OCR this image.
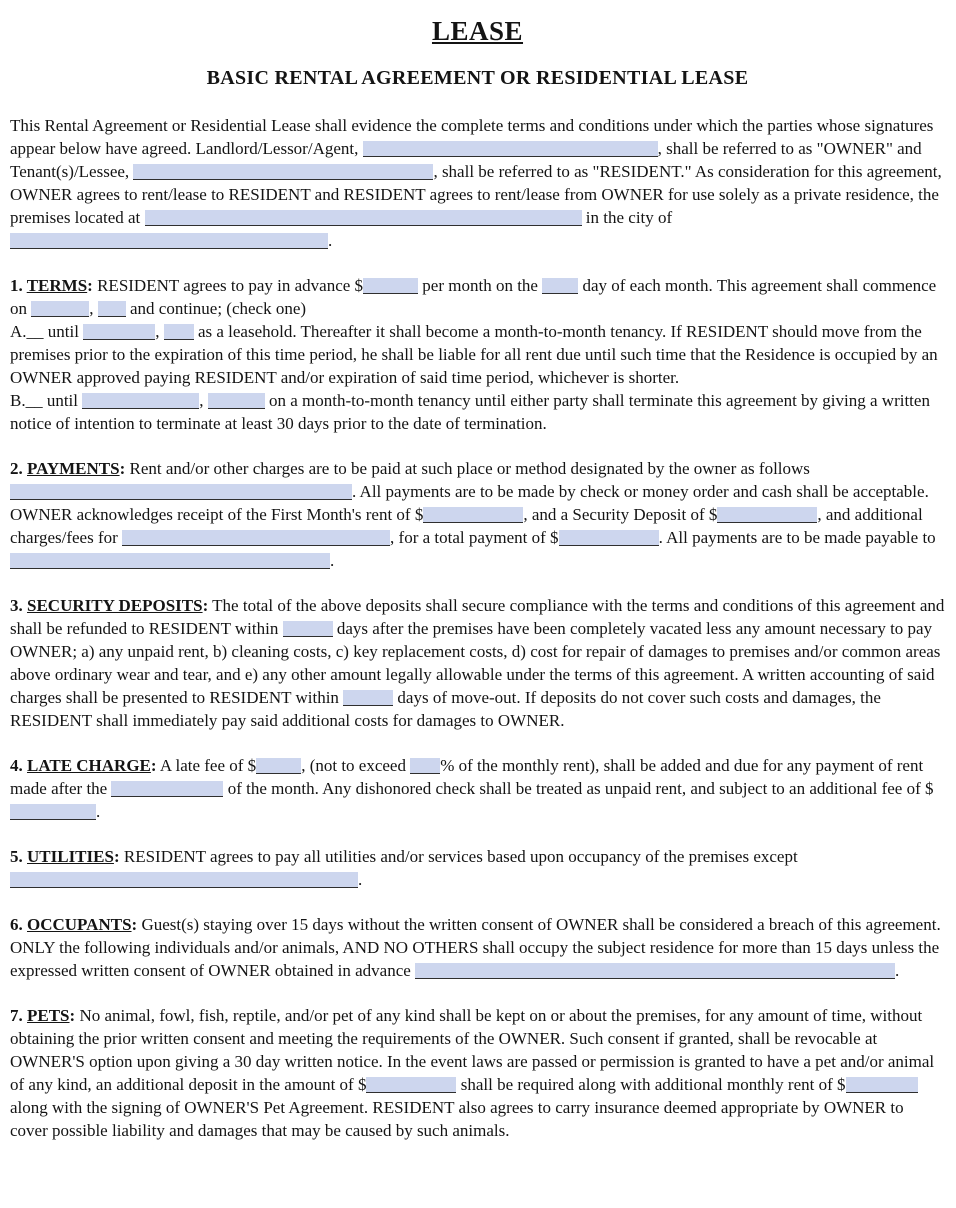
LEASE
BASIC RENTAL AGREEMENT OR RESIDENTIAL LEASE

This Rental Agreement or Residential Lease shall evidence the complete terms and conditions under which the parties whose signatures appear below have agreed. Landlord/Lessor/Agent,	, shall be referred to as "OWNER" and Tenant(s)/Lessee,	, shall be referred to as "RESIDENT." As consideration for this agreement, OWNER agrees to rent/lease to RESIDENT and RESIDENT agrees to rent/lease from OWNER for use solely as a private residence, the premises located at	in the city of .

1. TERMS: RESIDENT agrees to pay in advance $	per month on the  day of each month. This agreement shall commence on	,  and continue; (check one)

A.__ until	,  as a leasehold. Thereafter it shall become a month-to-month tenancy. If RESIDENT should move from the premises prior to the expiration of this time period, he shall be liable for all rent due until such time that the Residence is occupied by an OWNER approved paying RESIDENT and/or expiration of said time period, whichever is shorter.

B.__ until	,	on a month-to-month tenancy until either party shall terminate this agreement by giving a written notice of intention to terminate at least 30 days prior to the date of termination.

2. PAYMENTS: Rent and/or other charges are to be paid at such place or method designated by the owner as follows . All payments are to be made by check or money order and cash shall be acceptable. OWNER acknowledges receipt of the First Month's rent of $	, and a Security Deposit of $	, and additional charges/fees for	, for a total payment of $	. All payments are to be made payable to .

3. SECURITY DEPOSITS: The total of the above deposits shall secure compliance with the terms and conditions of this agreement and shall be refunded to RESIDENT within	days after the premises have been completely vacated less any amount necessary to pay OWNER; a) any unpaid rent, b) cleaning costs, c) key replacement costs, d) cost for repair of damages to premises and/or common areas above ordinary wear and tear, and e) any other amount legally allowable under the terms of this agreement. A written accounting of said charges shall be presented to RESIDENT within	days of move-out. If deposits do not cover such costs and damages, the RESIDENT shall immediately pay said additional costs for damages to OWNER.

4. LATE CHARGE: A late fee of $	, (not to exceed % of the monthly rent), shall be added and due for any payment of rent made after the	of the month. Any dishonored check shall be treated as unpaid rent, and subject to an additional fee of $.

5. UTILITIES: RESIDENT agrees to pay all utilities and/or services based upon occupancy of the premises except .

6. OCCUPANTS: Guest(s) staying over 15 days without the written consent of OWNER shall be considered a breach of this agreement. ONLY the following individuals and/or animals, AND NO OTHERS shall occupy the subject residence for more than 15 days unless the expressed written consent of OWNER obtained in advance	.

7. PETS: No animal, fowl, fish, reptile, and/or pet of any kind shall be kept on or about the premises, for any amount of time, without obtaining the prior written consent and meeting the requirements of the OWNER. Such consent if granted, shall be revocable at OWNER'S option upon giving a 30 day written notice. In the event laws are passed or permission is granted to have a pet and/or animal of any kind, an additional deposit in the amount of $	shall be required along with additional monthly rent of $ along with the signing of OWNER'S Pet Agreement. RESIDENT also agrees to carry insurance deemed appropriate by OWNER to cover possible liability and damages that may be caused by such animals.
